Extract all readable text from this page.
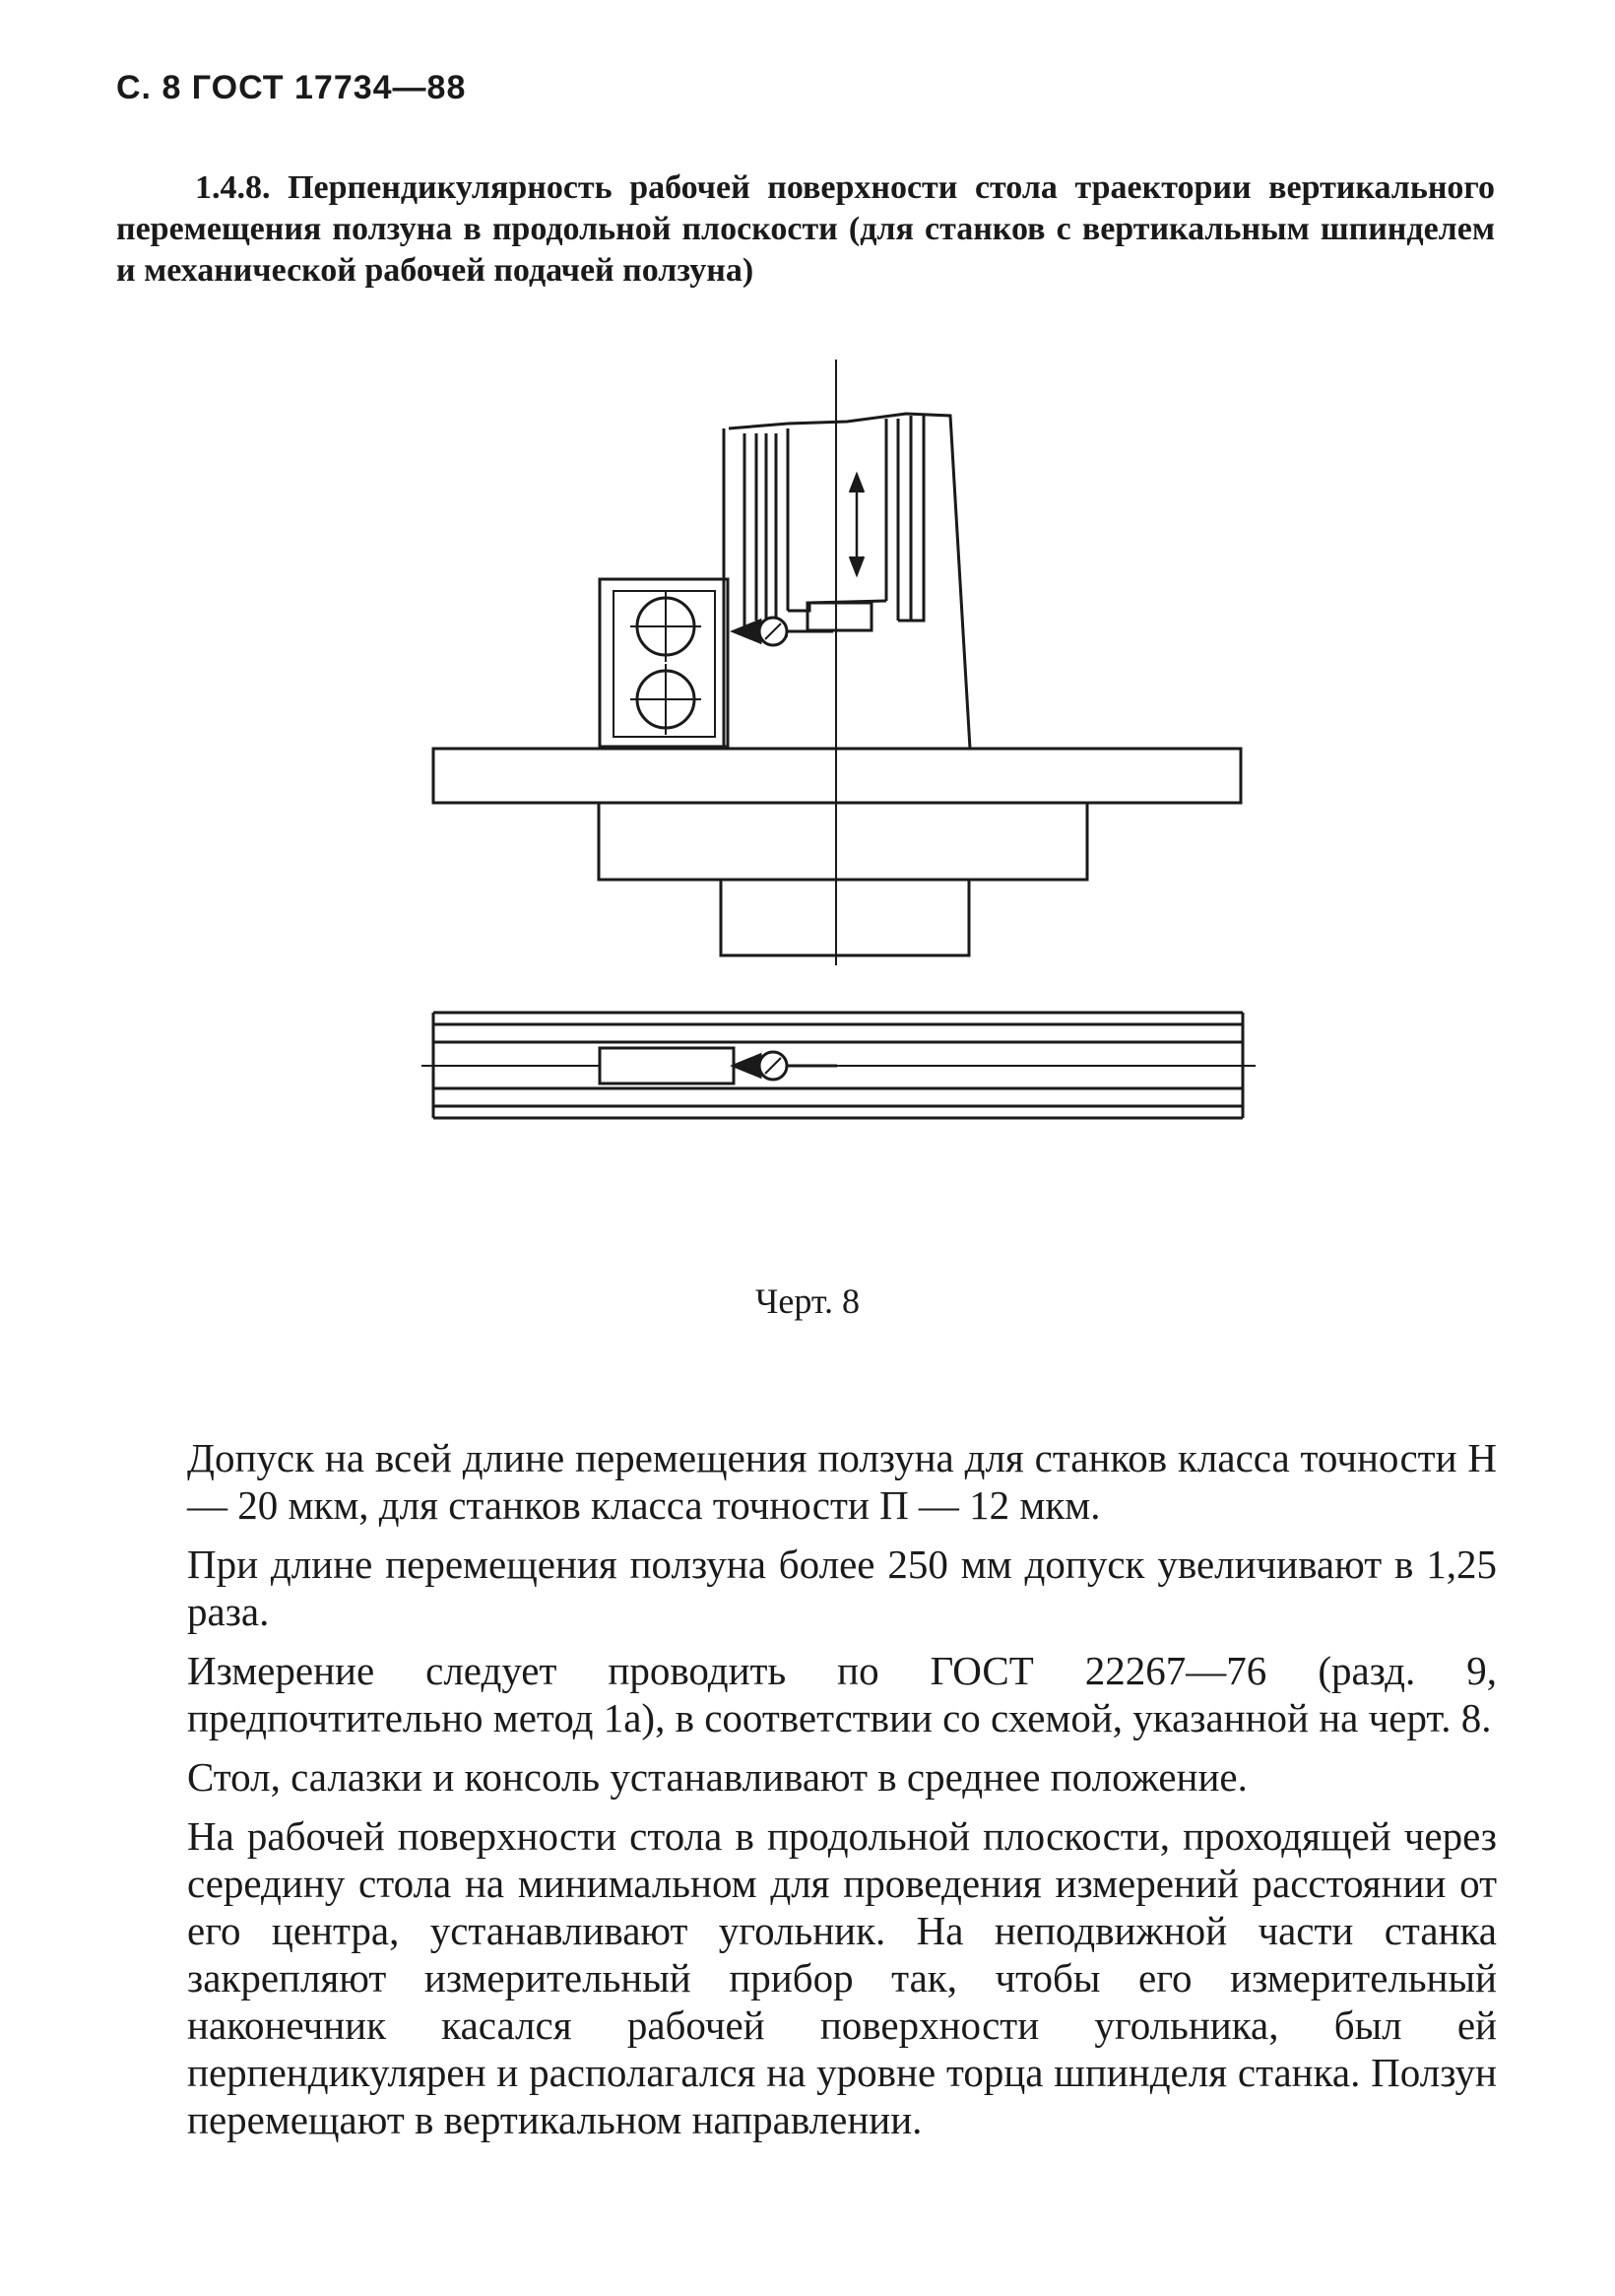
С. 8 ГОСТ 17734—88

1.4.8. Перпендикулярность рабочей поверхности стола траектории вертикального перемещения ползуна в продольной плоскости (для станков с вертикальным шпинделем и механической рабочей подачей ползуна)

Черт. 8

Допуск на всей длине перемещения ползуна для станков класса точности Н — 20 мкм, для станков класса точности П — 12 мкм.

При длине перемещения ползуна более 250 мм допуск увеличивают в 1,25 раза.

Измерение следует проводить по ГОСТ 22267—76 (разд. 9, предпочтительно метод 1а), в соответствии со схемой, указанной на черт. 8.

Стол, салазки и консоль устанавливают в среднее положение.

На рабочей поверхности стола в продольной плоскости, проходящей через середину стола на минимальном для проведения измерений расстоянии от его центра, устанавливают угольник. На неподвижной части станка закрепляют измерительный прибор так, чтобы его измерительный наконечник касался рабочей поверхности угольника, был ей перпендикулярен и располагался на уровне торца шпинделя станка. Ползун перемещают в вертикальном направлении.
